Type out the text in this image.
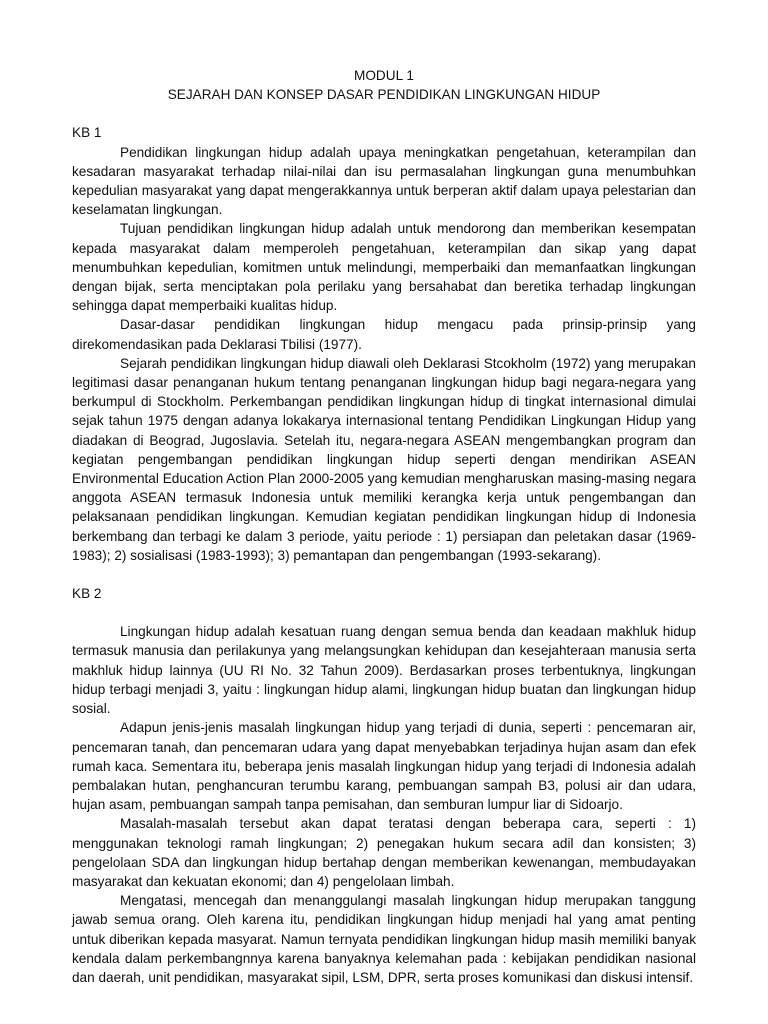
MODUL 1

SEJARAH DAN KONSEP DASAR PENDIDIKAN LINGKUNGAN HIDUP

KB 1

Pendidikan lingkungan hidup adalah upaya meningkatkan pengetahuan, keterampilan dan kesadaran masyarakat terhadap nilai-nilai dan isu permasalahan lingkungan guna menumbuhkan kepedulian masyarakat yang dapat mengerakkannya untuk berperan aktif dalam upaya pelestarian dan keselamatan lingkungan.

Tujuan pendidikan lingkungan hidup adalah untuk mendorong dan memberikan kesempatan kepada masyarakat dalam memperoleh pengetahuan, keterampilan dan sikap yang dapat menumbuhkan kepedulian, komitmen untuk melindungi, memperbaiki dan memanfaatkan lingkungan dengan bijak, serta menciptakan pola perilaku yang bersahabat dan beretika terhadap lingkungan sehingga dapat memperbaiki kualitas hidup.

Dasar-dasar pendidikan lingkungan hidup mengacu pada prinsip-prinsip yang direkomendasikan pada Deklarasi Tbilisi (1977).

Sejarah pendidikan lingkungan hidup diawali oleh Deklarasi Stcokholm (1972) yang merupakan legitimasi dasar penanganan hukum tentang penanganan lingkungan hidup bagi negara-negara yang berkumpul di Stockholm. Perkembangan pendidikan lingkungan hidup di tingkat internasional dimulai sejak tahun 1975 dengan adanya lokakarya internasional tentang Pendidikan Lingkungan Hidup yang diadakan di Beograd, Jugoslavia. Setelah itu, negara-negara ASEAN mengembangkan program dan kegiatan pengembangan pendidikan lingkungan hidup seperti dengan mendirikan ASEAN Environmental Education Action Plan 2000-2005 yang kemudian mengharuskan masing-masing negara anggota ASEAN termasuk Indonesia untuk memiliki kerangka kerja untuk pengembangan dan pelaksanaan pendidikan lingkungan. Kemudian kegiatan pendidikan lingkungan hidup di Indonesia berkembang dan terbagi ke dalam 3 periode, yaitu periode : 1) persiapan dan peletakan dasar (1969-1983); 2) sosialisasi (1983-1993); 3) pemantapan dan pengembangan (1993-sekarang).

KB 2

Lingkungan hidup adalah kesatuan ruang dengan semua benda dan keadaan makhluk hidup termasuk manusia dan perilakunya yang melangsungkan kehidupan dan kesejahteraan manusia serta makhluk hidup lainnya (UU RI No. 32 Tahun 2009). Berdasarkan proses terbentuknya, lingkungan hidup terbagi menjadi 3, yaitu : lingkungan hidup alami, lingkungan hidup buatan dan lingkungan hidup sosial.

Adapun jenis-jenis masalah lingkungan hidup yang terjadi di dunia, seperti : pencemaran air, pencemaran tanah, dan pencemaran udara yang dapat menyebabkan terjadinya hujan asam dan efek rumah kaca. Sementara itu, beberapa jenis masalah lingkungan hidup yang terjadi di Indonesia adalah pembalakan hutan, penghancuran terumbu karang, pembuangan sampah B3, polusi air dan udara, hujan asam, pembuangan sampah tanpa pemisahan, dan semburan lumpur liar di Sidoarjo.

Masalah-masalah tersebut akan dapat teratasi dengan beberapa cara, seperti : 1) menggunakan teknologi ramah lingkungan; 2) penegakan hukum secara adil dan konsisten; 3) pengelolaan SDA dan lingkungan hidup bertahap dengan memberikan kewenangan, membudayakan masyarakat dan kekuatan ekonomi; dan 4) pengelolaan limbah.

Mengatasi, mencegah dan menanggulangi masalah lingkungan hidup merupakan tanggung jawab semua orang. Oleh karena itu, pendidikan lingkungan hidup menjadi hal yang amat penting untuk diberikan kepada masyarat. Namun ternyata pendidikan lingkungan hidup masih memiliki banyak kendala dalam perkembangnnya karena banyaknya kelemahan pada : kebijakan pendidikan nasional dan daerah, unit pendidikan, masyarakat sipil, LSM, DPR, serta proses komunikasi dan diskusi intensif.
